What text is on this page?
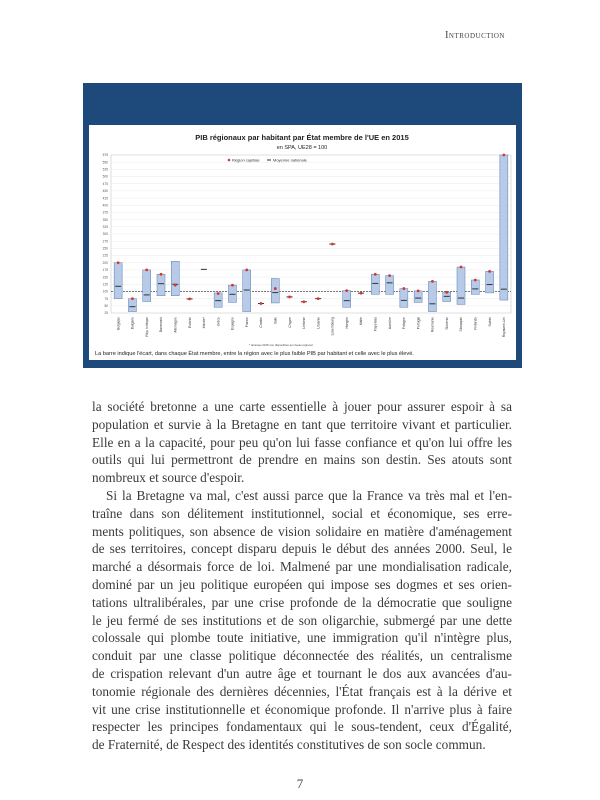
Introduction
PIB régionaux par habitant par État membre de l'UE en 2015
en SPA, UE28 = 100
25
50
75
100
125
150
175
200
225
250
275
300
325
350
375
400
425
450
475
500
525
550
575
Belgique	Bulgarie	Rép. tchèque	Danemark	Allemagne	Estonie	Irlande*	Grèce	Espagne	France	Croatie	Italie	Chypre	Lettonie	Lituanie	Luxembourg	Hongrie	Malte	Pays-Bas	Autriche	Pologne	Portugal	Roumanie	Slovénie	Slovaquie	Finlande	Suède	Royaume-Uni
Région capitale	Moyenne nationale
* données 2015 non disponibles au niveau régional
La barre indique l'écart, dans chaque État membre, entre la région avec le plus faible PIB par habitant et celle avec le plus élevé.
la société bretonne a une carte essentielle à jouer pour assurer espoir à sa
population et survie à la Bretagne en tant que territoire vivant et particulier.
Elle en a la capacité, pour peu qu'on lui fasse confiance et qu'on lui offre les
outils qui lui permettront de prendre en mains son destin. Ses atouts sont
nombreux et source d'espoir.
Si la Bretagne va mal, c'est aussi parce que la France va très mal et l'en-
traîne dans son délitement institutionnel, social et économique, ses erre-
ments politiques, son absence de vision solidaire en matière d'aménagement
de ses territoires, concept disparu depuis le début des années 2000. Seul, le
marché a désormais force de loi. Malmené par une mondialisation radicale,
dominé par un jeu politique européen qui impose ses dogmes et ses orien-
tations ultralibérales, par une crise profonde de la démocratie que souligne
le jeu fermé de ses institutions et de son oligarchie, submergé par une dette
colossale qui plombe toute initiative, une immigration qu'il n'intègre plus,
conduit par une classe politique déconnectée des réalités, un centralisme
de crispation relevant d'un autre âge et tournant le dos aux avancées d'au-
tonomie régionale des dernières décennies, l'État français est à la dérive et
vit une crise institutionnelle et économique profonde. Il n'arrive plus à faire
respecter les principes fondamentaux qui le sous-tendent, ceux d'Égalité,
de Fraternité, de Respect des identités constitutives de son socle commun.
7
